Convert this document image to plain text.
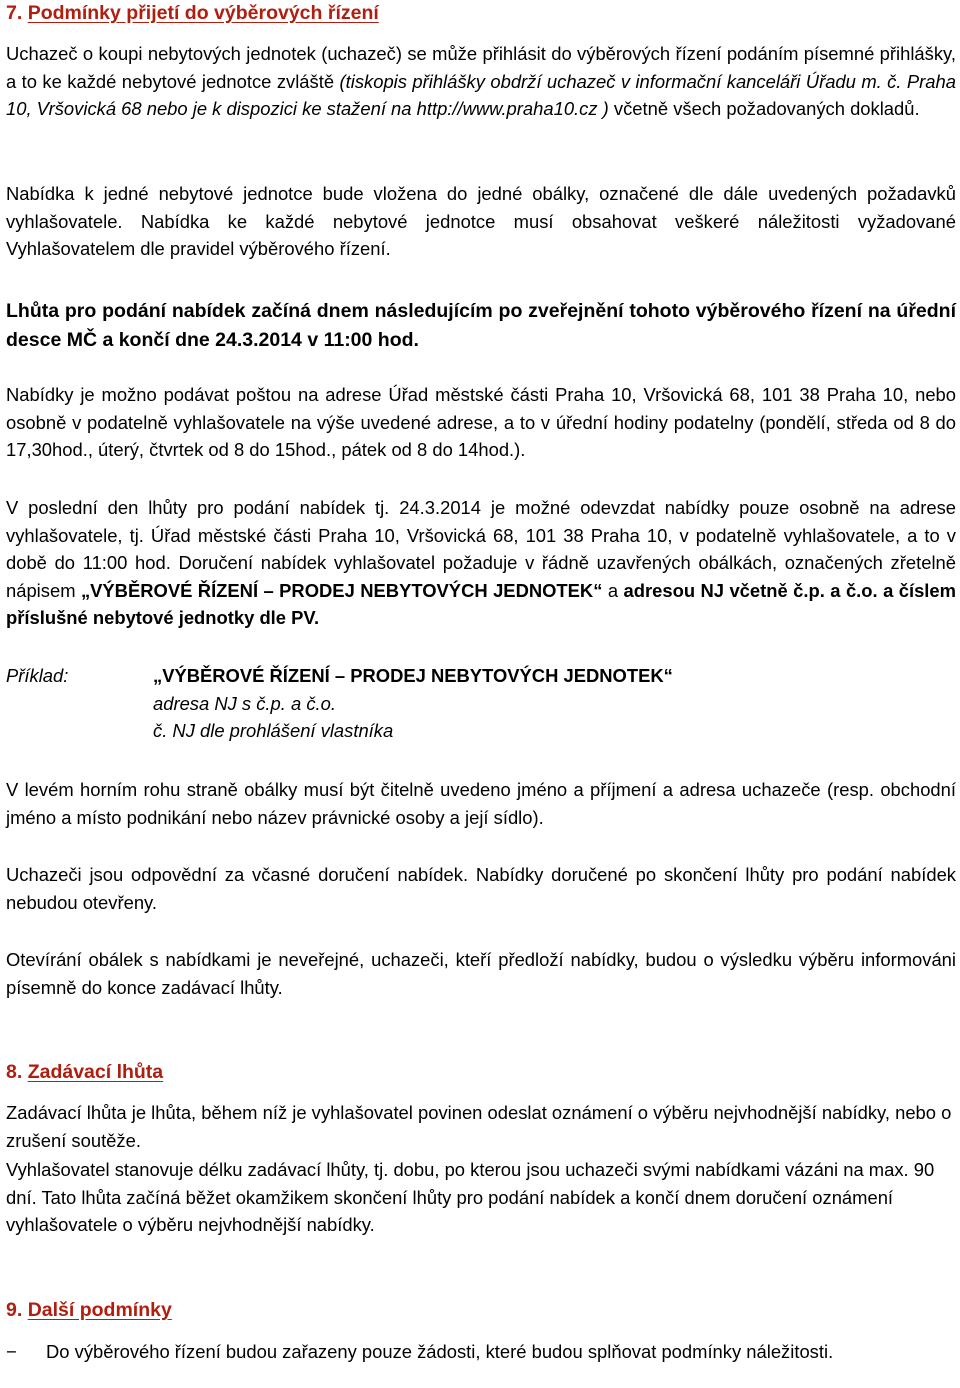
7. Podmínky přijetí do výběrových řízení

Uchazeč o koupi nebytových jednotek (uchazeč) se může přihlásit do výběrových řízení podáním písemné přihlášky, a to ke každé nebytové jednotce zvláště (tiskopis přihlášky obdrží uchazeč v informační kanceláři Úřadu m. č. Praha 10, Vršovická 68 nebo je k dispozici ke stažení na http://www.praha10.cz ) včetně všech požadovaných dokladů.

Nabídka k jedné nebytové jednotce bude vložena do jedné obálky, označené dle dále uvedených požadavků vyhlašovatele. Nabídka ke každé nebytové jednotce musí obsahovat veškeré náležitosti vyžadované Vyhlašovatelem dle pravidel výběrového řízení.

Lhůta pro podání nabídek začíná dnem následujícím po zveřejnění tohoto výběrového řízení na úřední desce MČ a končí dne 24.3.2014 v 11:00 hod.

Nabídky je možno podávat poštou na adrese Úřad městské části Praha 10, Vršovická 68, 101 38 Praha 10, nebo osobně v podatelně vyhlašovatele na výše uvedené adrese, a to v úřední hodiny podatelny (pondělí, středa od 8 do 17,30hod., úterý, čtvrtek od 8 do 15hod., pátek od 8 do 14hod.).

V poslední den lhůty pro podání nabídek tj. 24.3.2014 je možné odevzdat nabídky pouze osobně na adrese vyhlašovatele, tj. Úřad městské části Praha 10, Vršovická 68, 101 38 Praha 10, v podatelně vyhlašovatele, a to v době do 11:00 hod. Doručení nabídek vyhlašovatel požaduje v řádně uzavřených obálkách, označených zřetelně nápisem „VÝBĚROVÉ ŘÍZENÍ – PRODEJ NEBYTOVÝCH JEDNOTEK“ a adresou NJ včetně č.p. a č.o. a číslem příslušné nebytové jednotky dle PV.

Příklad:	„VÝBĚROVÉ ŘÍZENÍ – PRODEJ NEBYTOVÝCH JEDNOTEK“
adresa NJ s č.p. a č.o.
č. NJ dle prohlášení vlastníka

V levém horním rohu straně obálky musí být čitelně uvedeno jméno a příjmení a adresa uchazeče (resp. obchodní jméno a místo podnikání nebo název právnické osoby a její sídlo).

Uchazeči jsou odpovědní za včasné doručení nabídek. Nabídky doručené po skončení lhůty pro podání nabídek nebudou otevřeny.

Otevírání obálek s nabídkami je neveřejné, uchazeči, kteří předloží nabídky, budou o výsledku výběru informováni písemně do konce zadávací lhůty.

8. Zadávací lhůta

Zadávací lhůta je lhůta, během níž je vyhlašovatel povinen odeslat oznámení o výběru nejvhodnější nabídky, nebo o zrušení soutěže.

Vyhlašovatel stanovuje délku zadávací lhůty, tj. dobu, po kterou jsou uchazeči svými nabídkami vázáni na max. 90 dní. Tato lhůta začíná běžet okamžikem skončení lhůty pro podání nabídek a končí dnem doručení oznámení vyhlašovatele o výběru nejvhodnější nabídky.

9. Další podmínky
− Do výběrového řízení budou zařazeny pouze žádosti, které budou splňovat podmínky náležitosti.
